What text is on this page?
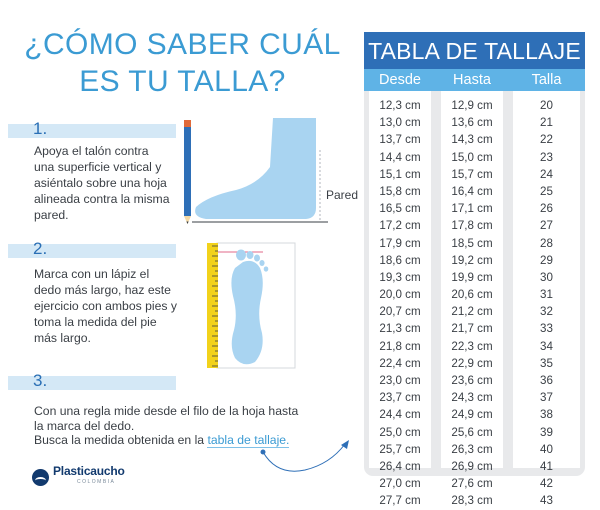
¿CÓMO SABER CUÁL
ES TU TALLA?
1.
Apoya el talón contra
una superficie vertical y
asiéntalo sobre una hoja
alineada contra la misma
pared.
Pared
2.
Marca con un lápiz el
dedo más largo, haz este
ejercicio con ambos pies y
toma la medida del pie
más largo.
3.
Con una regla mide desde el filo de la hoja hasta
la marca del dedo.
Busca la medida obtenida en la tabla de tallaje.
Plasticaucho
COLOMBIA
TABLA DE TALLAJE
Desde	Hasta	Talla
12,3 cm	12,9 cm	20
13,0 cm	13,6 cm	21
13,7 cm	14,3 cm	22
14,4 cm	15,0 cm	23
15,1 cm	15,7 cm	24
15,8 cm	16,4 cm	25
16,5 cm	17,1 cm	26
17,2 cm	17,8 cm	27
17,9 cm	18,5 cm	28
18,6 cm	19,2 cm	29
19,3 cm	19,9 cm	30
20,0 cm	20,6 cm	31
20,7 cm	21,2 cm	32
21,3 cm	21,7 cm	33
21,8 cm	22,3 cm	34
22,4 cm	22,9 cm	35
23,0 cm	23,6 cm	36
23,7 cm	24,3 cm	37
24,4 cm	24,9 cm	38
25,0 cm	25,6 cm	39
25,7 cm	26,3 cm	40
26,4 cm	26,9 cm	41
27,0 cm	27,6 cm	42
27,7 cm	28,3 cm	43
